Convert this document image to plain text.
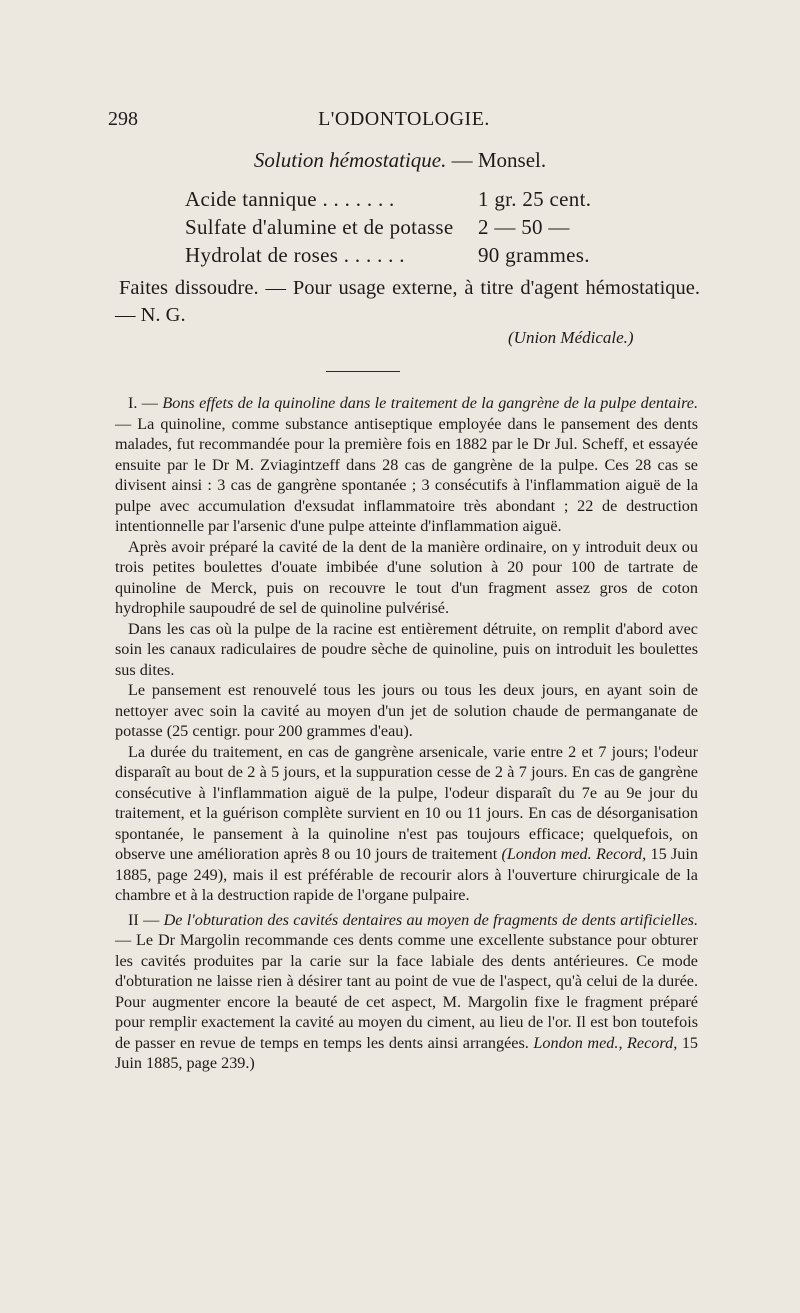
298	L'ODONTOLOGIE.
Solution hémostatique. — Monsel.
Acide tannique . . . . . . .	1 gr. 25 cent.
Sulfate d'alumine et de potasse 2 — 50 —
Hydrolat de roses . . . . . .	90 grammes.
Faites dissoudre. — Pour usage externe, à titre d'agent hémostatique. — N. G.
(Union Médicale.)

I. — Bons effets de la quinoline dans le traitement de la gangrène de la pulpe dentaire. — La quinoline, comme substance antiseptique employée dans le pansement des dents malades, fut recommandée pour la première fois en 1882 par le Dr Jul. Scheff, et essayée ensuite par le Dr M. Zviagintzeff dans 28 cas de gangrène de la pulpe. Ces 28 cas se divisent ainsi : 3 cas de gangrène spontanée ; 3 consécutifs à l'inflammation aiguë de la pulpe avec accumulation d'exsudat inflammatoire très abondant ; 22 de destruction intentionnelle par l'arsenic d'une pulpe atteinte d'inflammation aiguë.

Après avoir préparé la cavité de la dent de la manière ordinaire, on y introduit deux ou trois petites boulettes d'ouate imbibée d'une solution à 20 pour 100 de tartrate de quinoline de Merck, puis on recouvre le tout d'un fragment assez gros de coton hydrophile saupoudré de sel de quinoline pulvérisé.

Dans les cas où la pulpe de la racine est entièrement détruite, on remplit d'abord avec soin les canaux radiculaires de poudre sèche de quinoline, puis on introduit les boulettes sus dites.

Le pansement est renouvelé tous les jours ou tous les deux jours, en ayant soin de nettoyer avec soin la cavité au moyen d'un jet de solution chaude de permanganate de potasse (25 centigr. pour 200 grammes d'eau).

La durée du traitement, en cas de gangrène arsenicale, varie entre 2 et 7 jours; l'odeur disparaît au bout de 2 à 5 jours, et la suppuration cesse de 2 à 7 jours. En cas de gangrène consécutive à l'inflammation aiguë de la pulpe, l'odeur disparaît du 7e au 9e jour du traitement, et la guérison complète survient en 10 ou 11 jours. En cas de désorganisation spontanée, le pansement à la quinoline n'est pas toujours efficace; quelquefois, on observe une amélioration après 8 ou 10 jours de traitement (London med. Record, 15 Juin 1885, page 249), mais il est préférable de recourir alors à l'ouverture chirurgicale de la chambre et à la destruction rapide de l'organe pulpaire.

II — De l'obturation des cavités dentaires au moyen de fragments de dents artificielles. — Le Dr Margolin recommande ces dents comme une excellente substance pour obturer les cavités produites par la carie sur la face labiale des dents antérieures. Ce mode d'obturation ne laisse rien à désirer tant au point de vue de l'aspect, qu'à celui de la durée. Pour augmenter encore la beauté de cet aspect, M. Margolin fixe le fragment préparé pour remplir exactement la cavité au moyen du ciment, au lieu de l'or. Il est bon toutefois de passer en revue de temps en temps les dents ainsi arrangées. London med., Record, 15 Juin 1885, page 239.)
